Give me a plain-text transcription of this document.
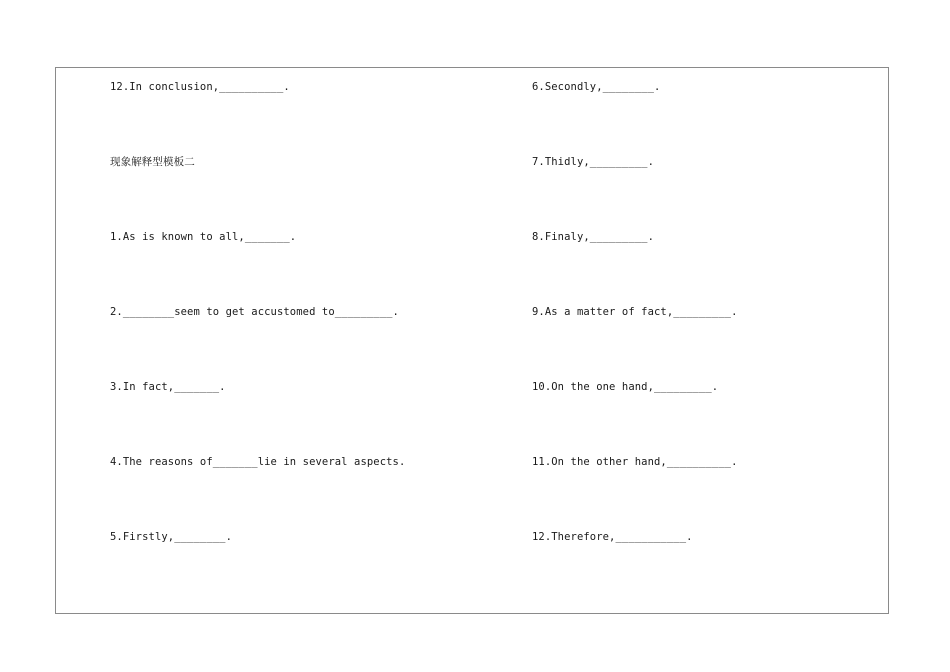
12.In conclusion,__________.
现象解释型模板二
1.As is known to all,_______.
2.________seem to get accustomed to_________.
3.In fact,_______.
4.The reasons of_______lie in several aspects.
5.Firstly,________.
6.Secondly,________.
7.Thidly,_________.
8.Finaly,_________.
9.As a matter of fact,_________.
10.On the one hand,_________.
11.On the other hand,__________.
12.Therefore,___________.
